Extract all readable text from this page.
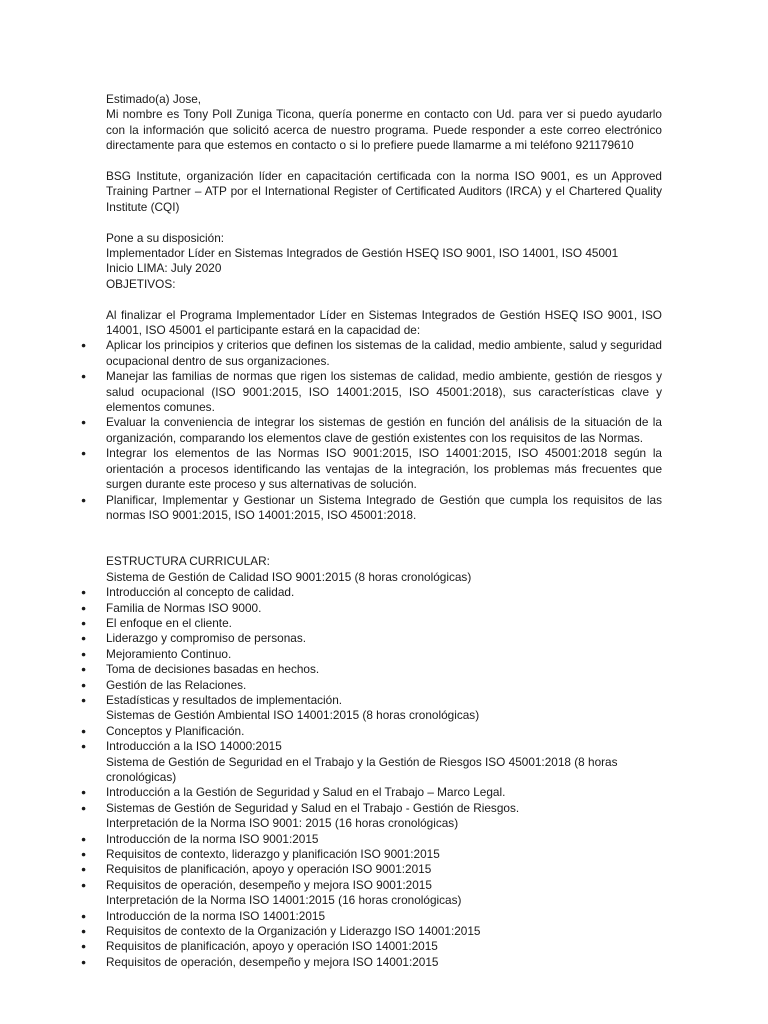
Estimado(a) Jose,

Mi nombre es Tony Poll Zuniga Ticona, quería ponerme en contacto con Ud. para ver si puedo ayudarlo con la información que solicitó acerca de nuestro programa. Puede responder a este correo electrónico directamente para que estemos en contacto o si lo prefiere puede llamarme a mi teléfono 921179610

BSG Institute, organización líder en capacitación certificada con la norma ISO 9001, es un Approved Training Partner – ATP por el International Register of Certificated Auditors (IRCA) y el Chartered Quality Institute (CQI)

Pone a su disposición:

Implementador Líder en Sistemas Integrados de Gestión HSEQ ISO 9001, ISO 14001, ISO 45001

Inicio LIMA: July 2020

OBJETIVOS:

Al finalizar el Programa Implementador Líder en Sistemas Integrados de Gestión HSEQ ISO 9001, ISO 14001, ISO 45001 el participante estará en la capacidad de:

● Aplicar los principios y criterios que definen los sistemas de la calidad, medio ambiente, salud y seguridad ocupacional dentro de sus organizaciones.
● Manejar las familias de normas que rigen los sistemas de calidad, medio ambiente, gestión de riesgos y salud ocupacional (ISO 9001:2015, ISO 14001:2015, ISO 45001:2018), sus características clave y elementos comunes.
● Evaluar la conveniencia de integrar los sistemas de gestión en función del análisis de la situación de la organización, comparando los elementos clave de gestión existentes con los requisitos de las Normas.
● Integrar los elementos de las Normas ISO 9001:2015, ISO 14001:2015, ISO 45001:2018 según la orientación a procesos identificando las ventajas de la integración, los problemas más frecuentes que surgen durante este proceso y sus alternativas de solución.
● Planificar, Implementar y Gestionar un Sistema Integrado de Gestión que cumpla los requisitos de las normas ISO 9001:2015, ISO 14001:2015, ISO 45001:2018.

ESTRUCTURA CURRICULAR:

Sistema de Gestión de Calidad ISO 9001:2015 (8 horas cronológicas)

● Introducción al concepto de calidad.
● Familia de Normas ISO 9000.
● El enfoque en el cliente.
● Liderazgo y compromiso de personas.
● Mejoramiento Continuo.
● Toma de decisiones basadas en hechos.
● Gestión de las Relaciones.
● Estadísticas y resultados de implementación.

Sistemas de Gestión Ambiental ISO 14001:2015 (8 horas cronológicas)

● Conceptos y Planificación.
● Introducción a la ISO 14000:2015

Sistema de Gestión de Seguridad en el Trabajo y la Gestión de Riesgos ISO 45001:2018 (8 horas cronológicas)

● Introducción a la Gestión de Seguridad y Salud en el Trabajo – Marco Legal.
● Sistemas de Gestión de Seguridad y Salud en el Trabajo - Gestión de Riesgos.

Interpretación de la Norma ISO 9001: 2015 (16 horas cronológicas)

● Introducción de la norma ISO 9001:2015
● Requisitos de contexto, liderazgo y planificación ISO 9001:2015
● Requisitos de planificación, apoyo y operación ISO 9001:2015
● Requisitos de operación, desempeño y mejora ISO 9001:2015

Interpretación de la Norma ISO 14001:2015 (16 horas cronológicas)

● Introducción de la norma ISO 14001:2015
● Requisitos de contexto de la Organización y Liderazgo ISO 14001:2015
● Requisitos de planificación, apoyo y operación ISO 14001:2015
● Requisitos de operación, desempeño y mejora ISO 14001:2015
